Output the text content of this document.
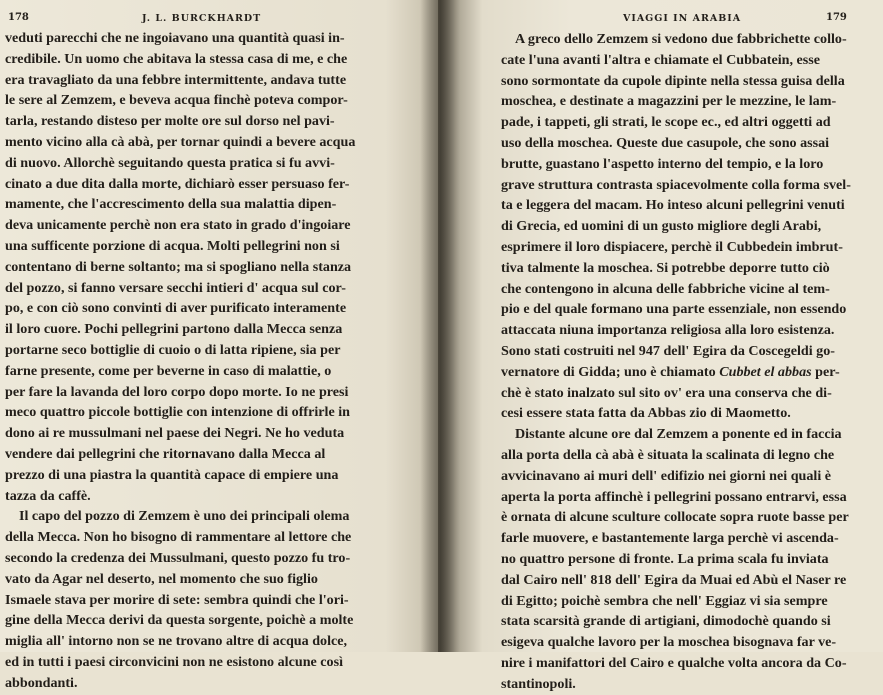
178	J. L. BURCKHARDT
veduti parecchi che ne ingoiavano una quantità quasi in-
credibile. Un uomo che abitava la stessa casa di me, e che
era travagliato da una febbre intermittente, andava tutte
le sere al Zemzem, e beveva acqua finchè poteva compor-
tarla, restando disteso per molte ore sul dorso nel pavi-
mento vicino alla cà abà, per tornar quindi a bevere acqua
di nuovo. Allorchè seguitando questa pratica si fu avvi-
cinato a due dita dalla morte, dichiarò esser persuaso fer-
mamente, che l'accrescimento della sua malattia dipen-
deva unicamente perchè non era stato in grado d'ingoiare
una sufficente porzione di acqua. Molti pellegrini non si
contentano di berne soltanto; ma si spogliano nella stanza
del pozzo, si fanno versare secchi intieri d' acqua sul cor-
po, e con ciò sono convinti di aver purificato interamente
il loro cuore. Pochi pellegrini partono dalla Mecca senza
portarne seco bottiglie di cuoio o di latta ripiene, sia per
farne presente, come per beverne in caso di malattie, o
per fare la lavanda del loro corpo dopo morte. Io ne presi
meco quattro piccole bottiglie con intenzione di offrirle in
dono ai re mussulmani nel paese dei Negri. Ne ho veduta
vendere dai pellegrini che ritornavano dalla Mecca al
prezzo di una piastra la quantità capace di empiere una
tazza da caffè.
Il capo del pozzo di Zemzem è uno dei principali olema
della Mecca. Non ho bisogno di rammentare al lettore che
secondo la credenza dei Mussulmani, questo pozzo fu tro-
vato da Agar nel deserto, nel momento che suo figlio
Ismaele stava per morire di sete: sembra quindi che l'ori-
gine della Mecca derivi da questa sorgente, poichè a molte
miglia all' intorno non se ne trovano altre di acqua dolce,
ed in tutti i paesi circonvicini non ne esistono alcune così
abbondanti.
VIAGGI IN ARABIA	179
A greco dello Zemzem si vedono due fabbrichette collo-
cate l'una avanti l'altra e chiamate el Cubbatein, esse
sono sormontate da cupole dipinte nella stessa guisa della
moschea, e destinate a magazzini per le mezzine, le lam-
pade, i tappeti, gli strati, le scope ec., ed altri oggetti ad
uso della moschea. Queste due casupole, che sono assai
brutte, guastano l'aspetto interno del tempio, e la loro
grave struttura contrasta spiacevolmente colla forma svel-
ta e leggera del macam. Ho inteso alcuni pellegrini venuti
di Grecia, ed uomini di un gusto migliore degli Arabi,
esprimere il loro dispiacere, perchè il Cubbedein imbrut-
tiva talmente la moschea. Si potrebbe deporre tutto ciò
che contengono in alcuna delle fabbriche vicine al tem-
pio e del quale formano una parte essenziale, non essendo
attaccata niuna importanza religiosa alla loro esistenza.
Sono stati costruiti nel 947 dell' Egira da Coscegeldi go-
vernatore di Gidda; uno è chiamato Cubbet el abbas per-
chè è stato inalzato sul sito ov' era una conserva che di-
cesi essere stata fatta da Abbas zio di Maometto.
Distante alcune ore dal Zemzem a ponente ed in faccia
alla porta della cà abà è situata la scalinata di legno che
avvicinavano ai muri dell' edifizio nei giorni nei quali è
aperta la porta affinchè i pellegrini possano entrarvi, essa
è ornata di alcune sculture collocate sopra ruote basse per
farle muovere, e bastantemente larga perchè vi ascenda-
no quattro persone di fronte. La prima scala fu inviata
dal Cairo nell' 818 dell' Egira da Muai ed Abù el Naser re
di Egitto; poichè sembra che nell' Eggiaz vi sia sempre
stata scarsità grande di artigiani, dimodochè quando si
esigeva qualche lavoro per la moschea bisognava far ve-
nire i manifattori del Cairo e qualche volta ancora da Co-
stantinopoli.
